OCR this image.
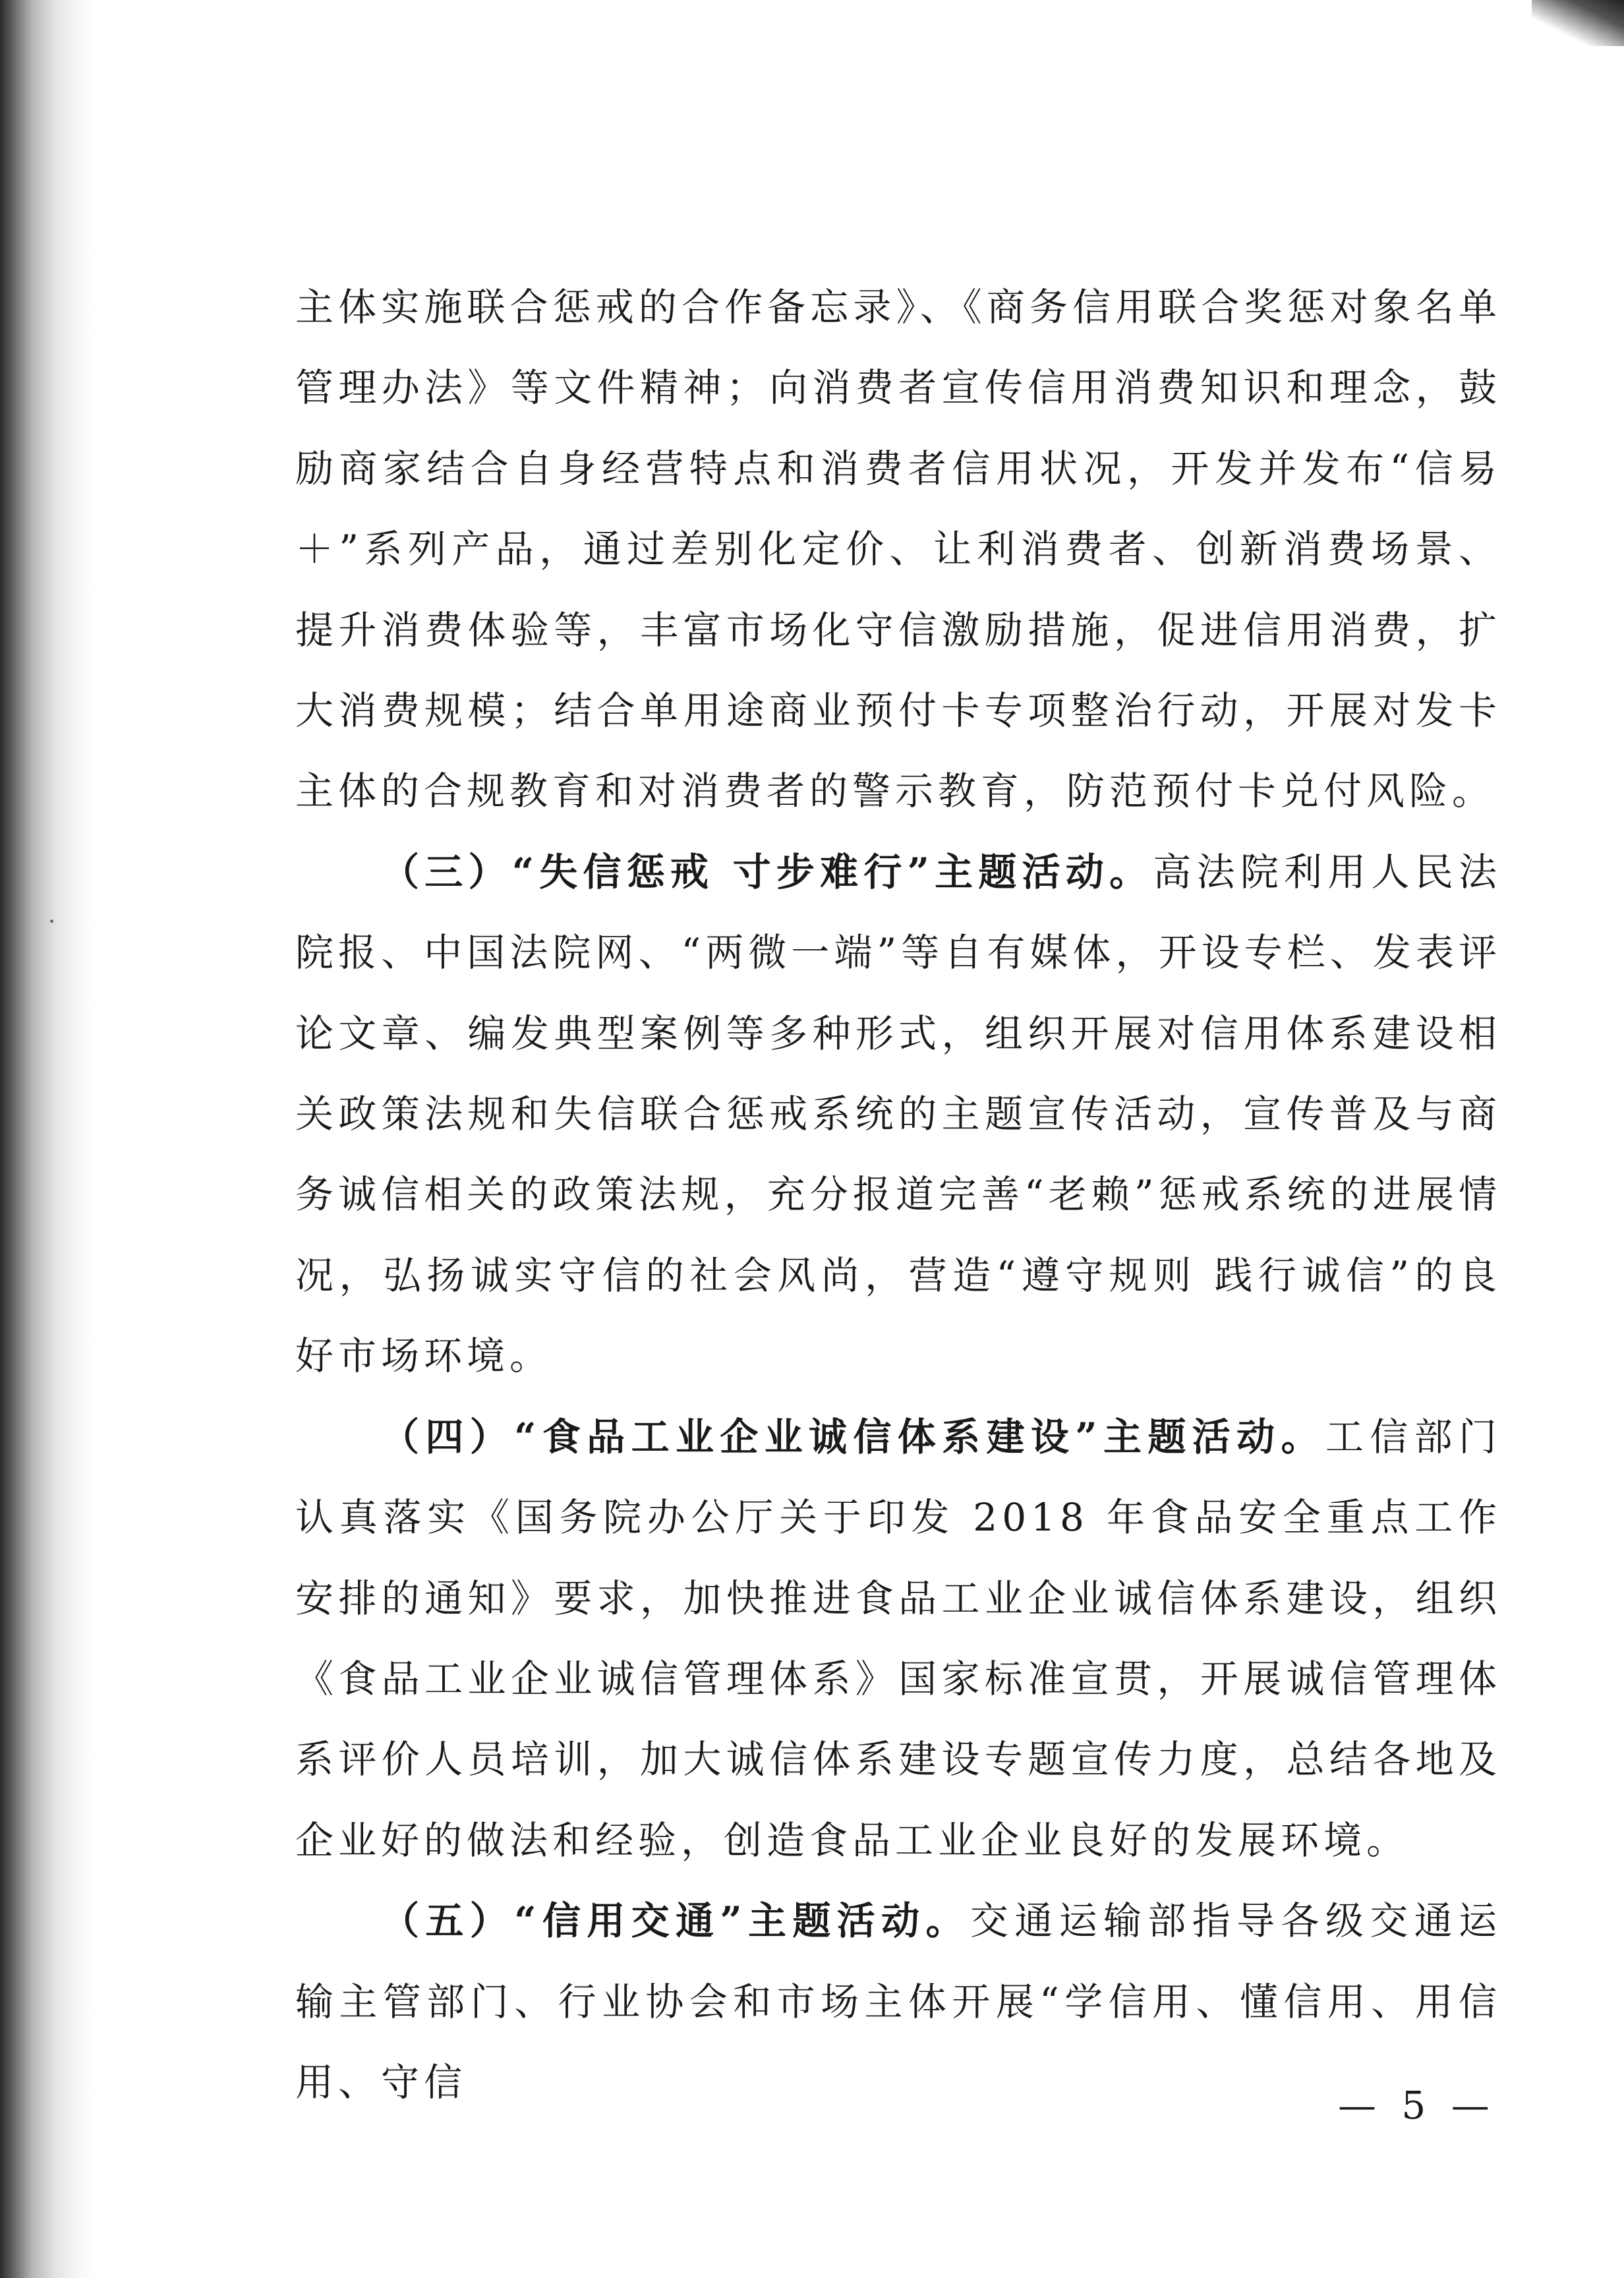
主体实施联合惩戒的合作备忘录》、《商务信用联合奖惩对象名单管理办法》等文件精神；向消费者宣传信用消费知识和理念，鼓励商家结合自身经营特点和消费者信用状况，开发并发布“信易＋”系列产品，通过差别化定价、让利消费者、创新消费场景、提升消费体验等，丰富市场化守信激励措施，促进信用消费，扩大消费规模；结合单用途商业预付卡专项整治行动，开展对发卡主体的合规教育和对消费者的警示教育，防范预付卡兑付风险。

（三）“失信惩戒 寸步难行”主题活动。高法院利用人民法院报、中国法院网、“两微一端”等自有媒体，开设专栏、发表评论文章、编发典型案例等多种形式，组织开展对信用体系建设相关政策法规和失信联合惩戒系统的主题宣传活动，宣传普及与商务诚信相关的政策法规，充分报道完善“老赖”惩戒系统的进展情况，弘扬诚实守信的社会风尚，营造“遵守规则 践行诚信”的良好市场环境。

（四）“食品工业企业诚信体系建设”主题活动。工信部门认真落实《国务院办公厅关于印发 2018 年食品安全重点工作安排的通知》要求，加快推进食品工业企业诚信体系建设，组织《食品工业企业诚信管理体系》国家标准宣贯，开展诚信管理体系评价人员培训，加大诚信体系建设专题宣传力度，总结各地及企业好的做法和经验，创造食品工业企业良好的发展环境。

（五）“信用交通”主题活动。交通运输部指导各级交通运输主管部门、行业协会和市场主体开展“学信用、懂信用、用信用、守信

— 5 —
